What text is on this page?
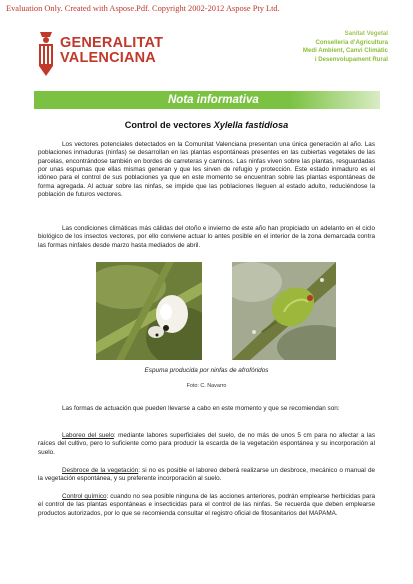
Evaluation Only. Created with Aspose.Pdf. Copyright 2002-2012 Aspose Pty Ltd.
GENERALITAT
VALENCIANA
Sanitat Vegetal
Conselleria d’Agricultura
Medi Ambient, Canvi Climàtic
i Desenvolupament Rural
Nota informativa
Control de vectores Xylella fastidiosa

Los vectores potenciales detectados en la Comunitat Valenciana presentan una única generación al año. Las poblaciones inmaduras (ninfas) se desarrollan en las plantas espontáneas presentes en las cubiertas vegetales de las parcelas, encontrándose también en bordes de carreteras y caminos. Las ninfas viven sobre las plantas, resguardadas por unas espumas que ellas mismas generan y que les sirven de refugio y protección. Este estado inmaduro es el idóneo para el control de sus poblaciones ya que en este momento se encuentran sobre las plantas espontáneas de forma agregada. Al actuar sobre las ninfas, se impide que las poblaciones lleguen al estado adulto, reduciéndose la población de futuros vectores.

Las condiciones climáticas más cálidas del otoño e invierno de este año han propiciado un adelanto en el ciclo biológico de los insectos vectores, por ello conviene actuar lo antes posible en el interior de la zona demarcada contra las formas ninfales desde marzo hasta mediados de abril.

Espuma producida por ninfas de afrofóridos
Foto: C. Navarro

Las formas de actuación que pueden llevarse a cabo en este momento y que se recomiendan son:

Laboreo del suelo: mediante labores superficiales del suelo, de no más de unos 5 cm para no afectar a las raíces del cultivo, pero lo suficiente como para producir la escarda de la vegetación espontánea y su incorporación al suelo.

Desbroce de la vegetación: si no es posible el laboreo deberá realizarse un desbroce, mecánico o manual de la vegetación espontánea, y su preferente incorporación al suelo.

Control químico: cuando no sea posible ninguna de las acciones anteriores, podrán emplearse herbicidas para el control de las plantas espontáneas e insecticidas para el control de las ninfas. Se recuerda que deben emplearse productos autorizados, por lo que se recomienda consultar el registro oficial de fitosanitarios del MAPAMA.
